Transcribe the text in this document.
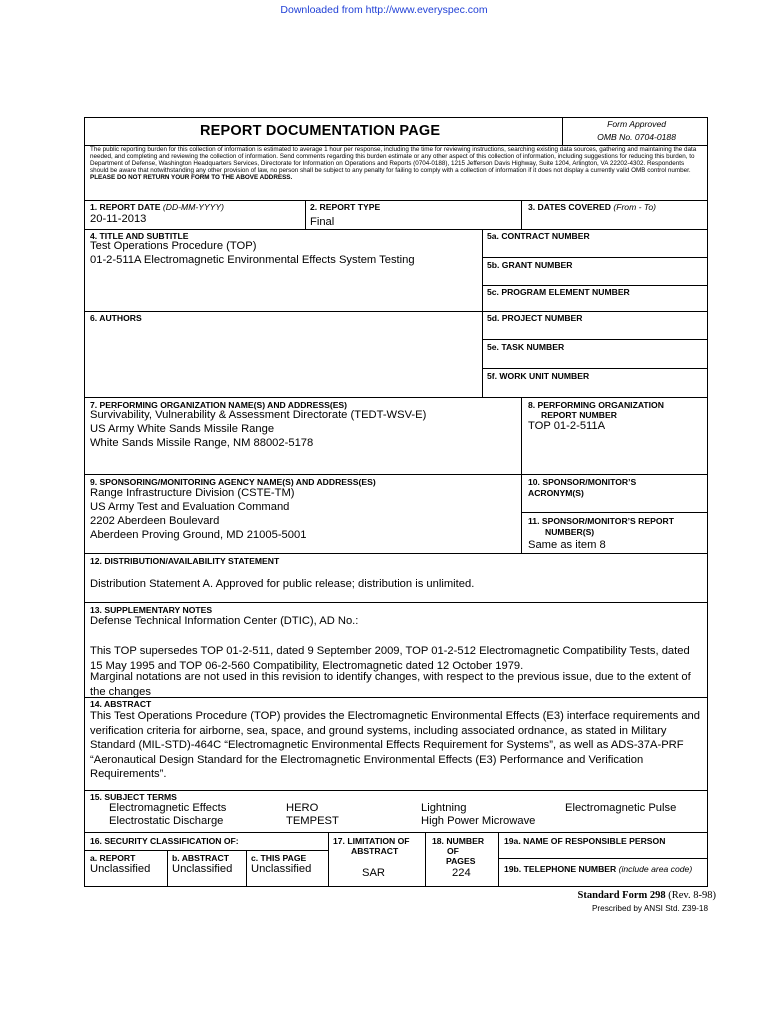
Downloaded from http://www.everyspec.com
REPORT DOCUMENTATION PAGE	Form Approved
OMB No. 0704-0188
The public reporting burden for this collection of information is estimated to average 1 hour per response, including the time for reviewing instructions, searching existing data sources, gathering and maintaining the data needed, and completing and reviewing the collection of information. Send comments regarding this burden estimate or any other aspect of this collection of information, including suggestions for reducing this burden, to Department of Defense, Washington Headquarters Services, Directorate for Information on Operations and Reports (0704-0188), 1215 Jefferson Davis Highway, Suite 1204, Arlington, VA 22202-4302. Respondents should be aware that notwithstanding any other provision of law, no person shall be subject to any penalty for failing to comply with a collection of information if it does not display a currently valid OMB control number.
PLEASE DO NOT RETURN YOUR FORM TO THE ABOVE ADDRESS.
1. REPORT DATE (DD-MM-YYYY)
20-11-2013
2. REPORT TYPE
Final
3. DATES COVERED (From - To)
4. TITLE AND SUBTITLE
Test Operations Procedure (TOP)
01-2-511A Electromagnetic Environmental Effects System Testing
5a. CONTRACT NUMBER
5b. GRANT NUMBER
5c. PROGRAM ELEMENT NUMBER
6. AUTHORS	5d. PROJECT NUMBER
5e. TASK NUMBER
5f. WORK UNIT NUMBER
7. PERFORMING ORGANIZATION NAME(S) AND ADDRESS(ES)
Survivability, Vulnerability & Assessment Directorate (TEDT-WSV-E)
US Army White Sands Missile Range
White Sands Missile Range, NM 88002-5178
8. PERFORMING ORGANIZATION
REPORT NUMBER
TOP 01-2-511A
9. SPONSORING/MONITORING AGENCY NAME(S) AND ADDRESS(ES)
Range Infrastructure Division (CSTE-TM)
US Army Test and Evaluation Command
2202 Aberdeen Boulevard
Aberdeen Proving Ground, MD 21005-5001
10. SPONSOR/MONITOR’S
ACRONYM(S)
11. SPONSOR/MONITOR’S REPORT
NUMBER(S)
Same as item 8
12. DISTRIBUTION/AVAILABILITY STATEMENT
Distribution Statement A. Approved for public release; distribution is unlimited.
13. SUPPLEMENTARY NOTES
Defense Technical Information Center (DTIC), AD No.:
This TOP supersedes TOP 01-2-511, dated 9 September 2009, TOP 01-2-512 Electromagnetic Compatibility Tests, dated 15 May 1995 and TOP 06-2-560 Compatibility, Electromagnetic dated 12 October 1979.
Marginal notations are not used in this revision to identify changes, with respect to the previous issue, due to the extent of the changes
14. ABSTRACT
This Test Operations Procedure (TOP) provides the Electromagnetic Environmental Effects (E3) interface requirements and verification criteria for airborne, sea, space, and ground systems, including associated ordnance, as stated in Military Standard (MIL-STD)-464C “Electromagnetic Environmental Effects Requirement for Systems”, as well as ADS-37A-PRF “Aeronautical Design Standard for the Electromagnetic Environmental Effects (E3) Performance and Verification Requirements”.
15. SUBJECT TERMS
Electromagnetic Effects	HERO	Lightning	Electromagnetic Pulse
Electrostatic Discharge	TEMPEST	High Power Microwave
16. SECURITY CLASSIFICATION OF:
a. REPORT
Unclassified
b. ABSTRACT
Unclassified
c. THIS PAGE
Unclassified
17. LIMITATION OF
ABSTRACT
SAR
18. NUMBER
OF
PAGES
224
19a. NAME OF RESPONSIBLE PERSON
19b. TELEPHONE NUMBER (include area code)
Standard Form 298 (Rev. 8-98)
Prescribed by ANSI Std. Z39-18
